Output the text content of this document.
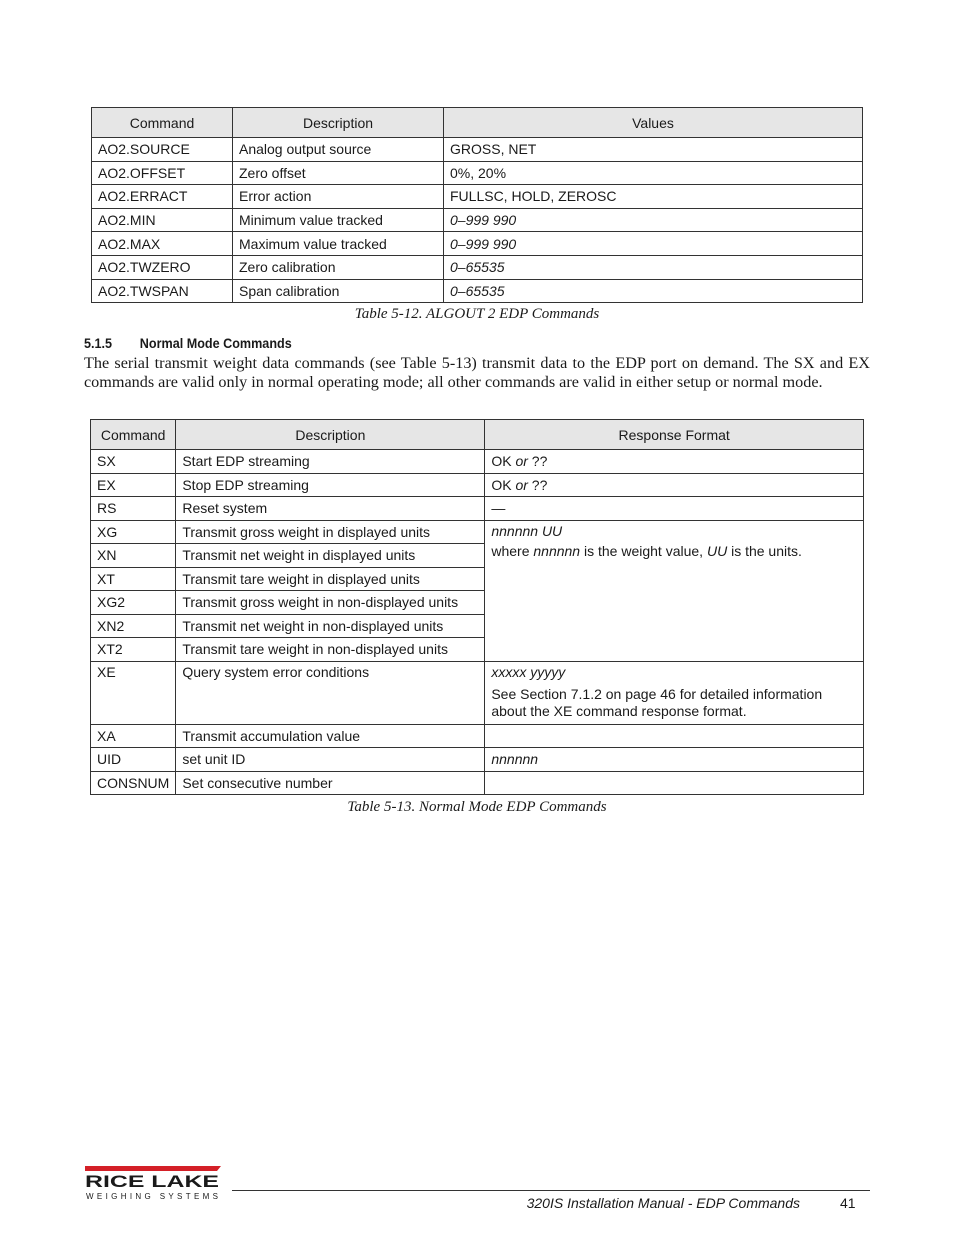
Command	Description	Values
AO2.SOURCE	Analog output source	GROSS, NET
AO2.OFFSET	Zero offset	0%, 20%
AO2.ERRACT	Error action	FULLSC, HOLD, ZEROSC
AO2.MIN	Minimum value tracked	0–999 990
AO2.MAX	Maximum value tracked	0–999 990
AO2.TWZERO	Zero calibration	0–65535
AO2.TWSPAN	Span calibration	0–65535
Table 5-12. ALGOUT 2 EDP Commands
5.1.5 Normal Mode Commands
The serial transmit weight data commands (see Table 5-13) transmit data to the EDP port on demand. The SX and EX commands are valid only in normal operating mode; all other commands are valid in either setup or normal mode.
Command	Description	Response Format
SX	Start EDP streaming	OK or ??
EX	Stop EDP streaming	OK or ??
RS	Reset system	—
XG	Transmit gross weight in displayed units	nnnnnn UU
where nnnnnn is the weight value, UU is the units.

XN	Transmit net weight in displayed units	
XT	Transmit tare weight in displayed units	
XG2	Transmit gross weight in non-displayed units	
XN2	Transmit net weight in non-displayed units	
XT2	Transmit tare weight in non-displayed units	
XE	Query system error conditions	xxxxx yyyyy
See Section 7.1.2 on page 46 for detailed information about the XE command response format.

XA	Transmit accumulation value	
UID	set unit ID	nnnnnn
CONSNUM	Set consecutive number	
Table 5-13. Normal Mode EDP Commands
RICE LAKE
WEIGHING SYSTEMS	320IS Installation Manual - EDP Commands	41
